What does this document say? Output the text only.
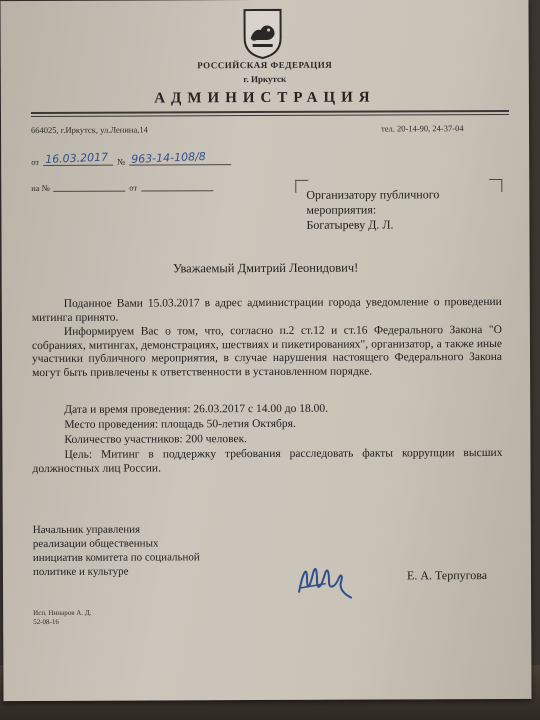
РОССИЙСКАЯ ФЕДЕРАЦИЯ
г. Иркутск
АДМИНИСТРАЦИЯ
664025, г.Иркутск, ул.Ленина,14	тел. 20-14-90, 24-37-04
от 16.03.2017 № 963-14-108/8
на №	от	Организатору публичного
мероприятия:
Богатыреву Д. Л.
Уважаемый Дмитрий Леонидович!
Поданное Вами 15.03.2017 в адрес администрации города уведомление о проведении митинга принято.
Информируем Вас о том, что, согласно п.2 ст.12 и ст.16 Федерального Закона "О собраниях, митингах, демонстрациях, шествиях и пикетированиях", организатор, а также иные участники публичного мероприятия, в случае нарушения настоящего Федерального Закона могут быть привлечены к ответственности в установленном порядке.
Дата и время проведения: 26.03.2017 с 14.00 до 18.00.
Место проведения: площадь 50-летия Октября.
Количество участников: 200 человек.
Цель: Митинг в поддержку требования расследовать факты коррупции высших должностных лиц России.
Начальник управления
реализации общественных
инициатив комитета по социальной
политике и культуре	Е. А. Терпугова
Исп. Нинаров А. Д.
52-08-16
